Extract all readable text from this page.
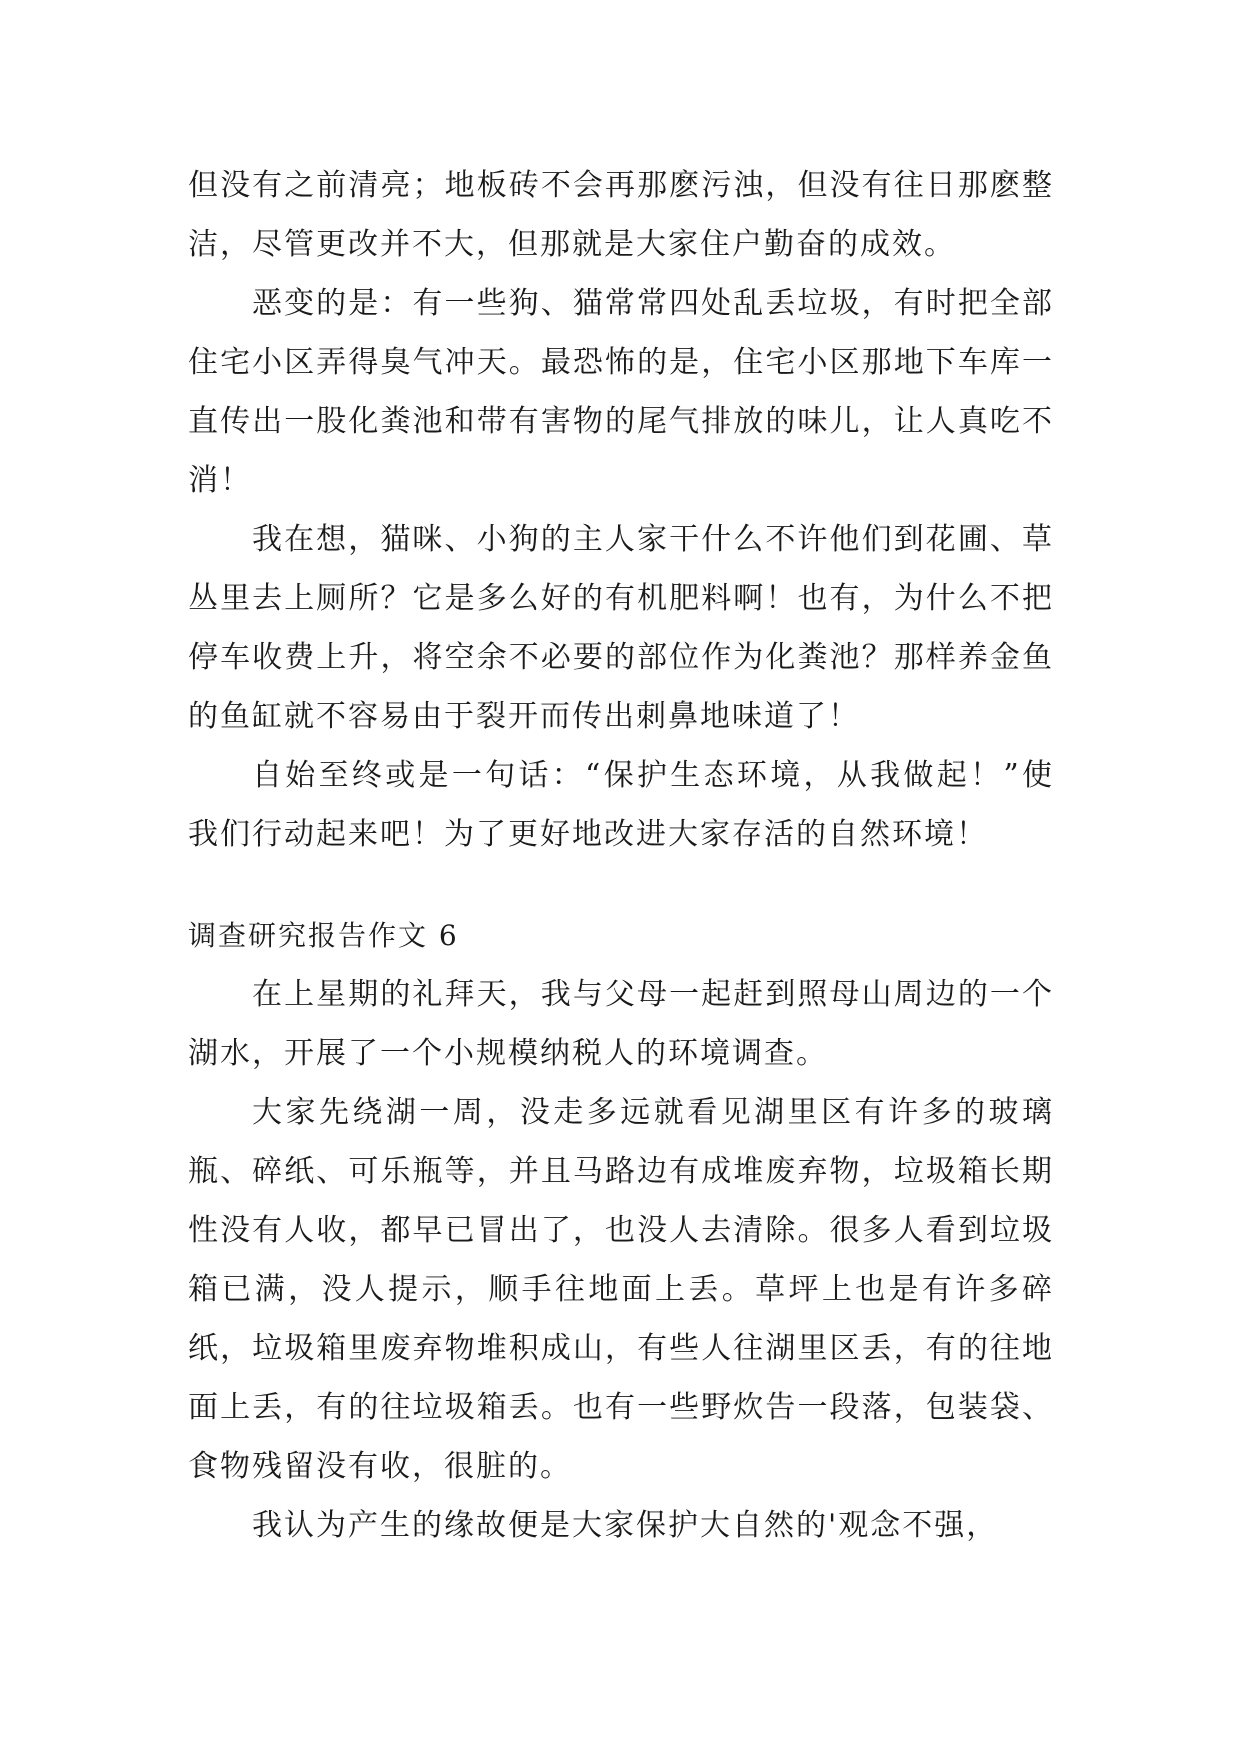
但没有之前清亮；地板砖不会再那麽污浊，但没有往日那麽整洁，尽管更改并不大，但那就是大家住户勤奋的成效。

恶变的是：有一些狗、猫常常四处乱丢垃圾，有时把全部住宅小区弄得臭气冲天。最恐怖的是，住宅小区那地下车库一直传出一股化粪池和带有害物的尾气排放的味儿，让人真吃不消！

我在想，猫咪、小狗的主人家干什么不许他们到花圃、草丛里去上厕所？它是多么好的有机肥料啊！也有，为什么不把停车收费上升，将空余不必要的部位作为化粪池？那样养金鱼的鱼缸就不容易由于裂开而传出刺鼻地味道了！

自始至终或是一句话：“保护生态环境，从我做起！”使我们行动起来吧！为了更好地改进大家存活的自然环境！

调查研究报告作文 6

在上星期的礼拜天，我与父母一起赶到照母山周边的一个湖水，开展了一个小规模纳税人的环境调查。

大家先绕湖一周，没走多远就看见湖里区有许多的玻璃瓶、碎纸、可乐瓶等，并且马路边有成堆废弃物，垃圾箱长期性没有人收，都早已冒出了，也没人去清除。很多人看到垃圾箱已满，没人提示，顺手往地面上丢。草坪上也是有许多碎纸，垃圾箱里废弃物堆积成山，有些人往湖里区丢，有的往地面上丢，有的往垃圾箱丢。也有一些野炊告一段落，包装袋、食物残留没有收，很脏的。

我认为产生的缘故便是大家保护大自然的'观念不强，
